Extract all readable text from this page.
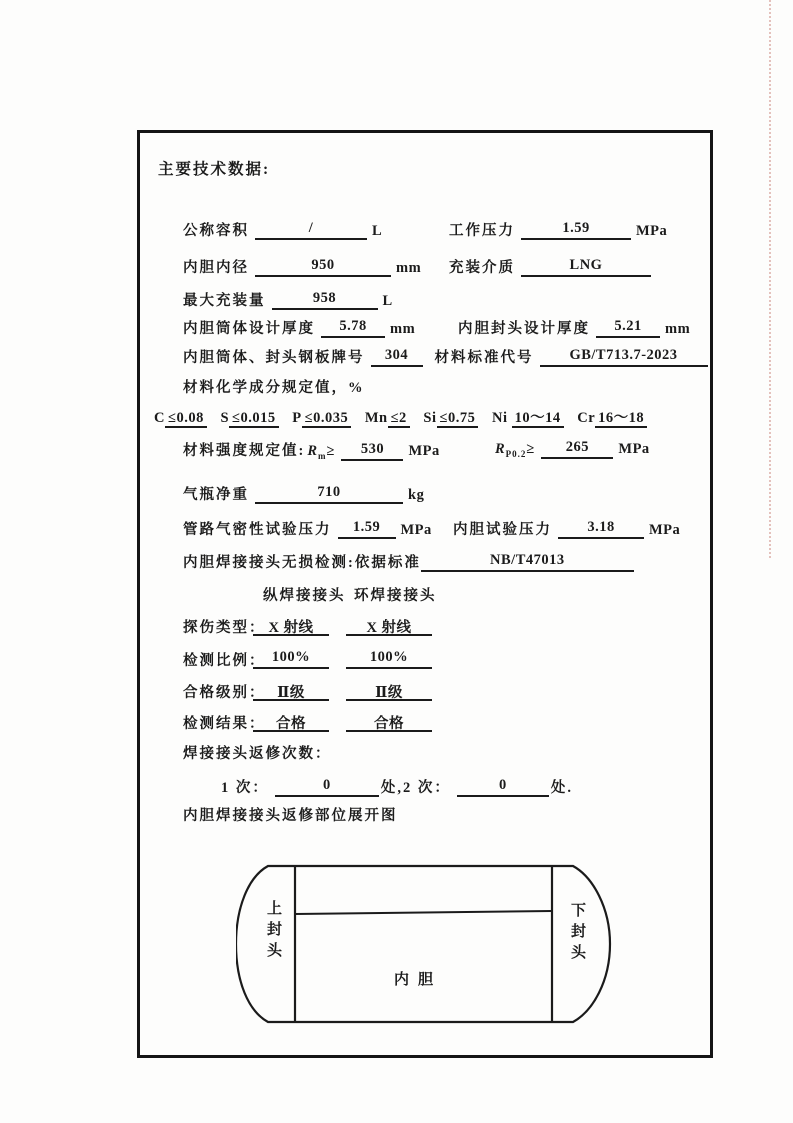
主要技术数据:
公称容积	/	L	工作压力	1.59	MPa
内胆内径	950	mm 充装介质	LNG
最大充装量	958	L
内胆筒体设计厚度 5.78 mm	内胆封头设计厚度 5.21 mm
内胆筒体、封头钢板牌号 304 材料标准代号 GB/T713.7-2023
材料化学成分规定值，%
C ≤0.08 S ≤0.015 P ≤0.035 Mn ≤2 Si ≤0.75 Ni 10～14 Cr 16～18
材料强度规定值: $R_m\ge 530$ MPa	$R_{P0.2}\ge 265$ MPa
气瓶净重	710	kg
管路气密性试验压力 1.59 MPa 内胆试验压力 3.18 MPa
内胆焊接接头无损检测:依据标准	NB/T47013
纵焊接接头 环焊接接头
探伤类型： X 射线	X 射线
检测比例： 100%	100%
合格级别： Ⅱ级	Ⅱ级
检测结果： 合格	合格
焊接接头返修次数：
1 次：	0	处,2 次：	0	处.
内胆焊接接头返修部位展开图
上封头	下封头
内胆
